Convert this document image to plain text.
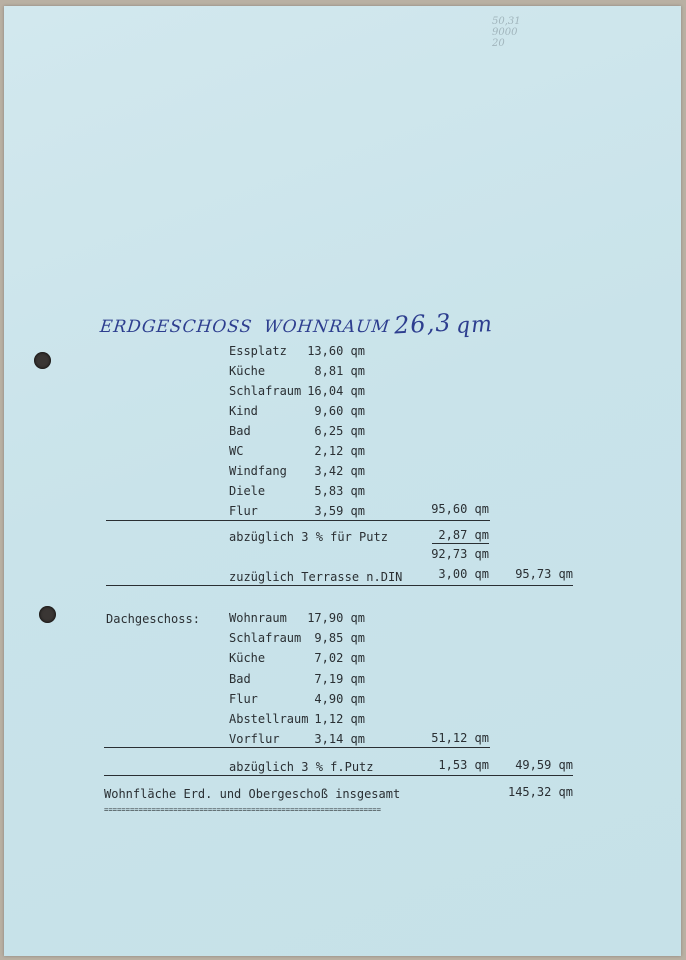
50,31
9000
20
ERDGESCHOSS WOHNRAUM26,3 qm
Essplatz	13,60 qm
Küche	8,81 qm
Schlafraum 16,04 qm
Kind	9,60 qm
Bad	6,25 qm
WC	2,12 qm
Windfang	3,42 qm
Diele	5,83 qm
Flur	3,59 qm	95,60 qm
abzüglich 3 % für Putz	2,87 qm
92,73 qm
zuzüglich Terrasse n.DIN	3,00 qm	95,73 qm
Dachgeschoss: Wohnraum	17,90 qm
Schlafraum	9,85 qm
Küche	7,02 qm
Bad	7,19 qm
Flur	4,90 qm
Abstellraum 1,12 qm
Vorflur	3,14 qm	51,12 qm
abzüglich 3 % f.Putz	1,53 qm	49,59 qm
Wohnfläche Erd. und Obergeschoß insgesamt	145,32 qm
================================================================
